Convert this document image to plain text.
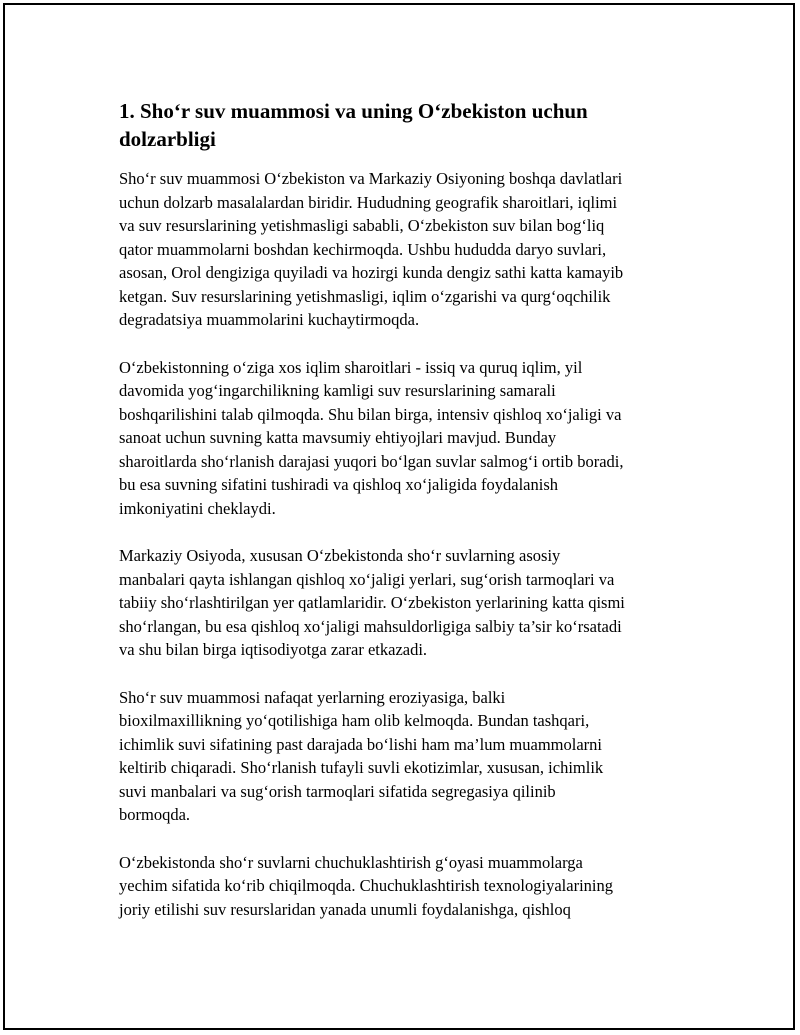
1. Sho‘r suv muammosi va uning O‘zbekiston uchun
dolzarbligi

Sho‘r suv muammosi O‘zbekiston va Markaziy Osiyoning boshqa davlatlari
uchun dolzarb masalalardan biridir. Hududning geografik sharoitlari, iqlimi
va suv resurslarining yetishmasligi sababli, O‘zbekiston suv bilan bog‘liq
qator muammolarni boshdan kechirmoqda. Ushbu hududda daryo suvlari,
asosan, Orol dengiziga quyiladi va hozirgi kunda dengiz sathi katta kamayib
ketgan. Suv resurslarining yetishmasligi, iqlim o‘zgarishi va qurg‘oqchilik
degradatsiya muammolarini kuchaytirmoqda.

O‘zbekistonning o‘ziga xos iqlim sharoitlari - issiq va quruq iqlim, yil
davomida yog‘ingarchilikning kamligi suv resurslarining samarali
boshqarilishini talab qilmoqda. Shu bilan birga, intensiv qishloq xo‘jaligi va
sanoat uchun suvning katta mavsumiy ehtiyojlari mavjud. Bunday
sharoitlarda sho‘rlanish darajasi yuqori bo‘lgan suvlar salmog‘i ortib boradi,
bu esa suvning sifatini tushiradi va qishloq xo‘jaligida foydalanish
imkoniyatini cheklaydi.

Markaziy Osiyoda, xususan O‘zbekistonda sho‘r suvlarning asosiy
manbalari qayta ishlangan qishloq xo‘jaligi yerlari, sug‘orish tarmoqlari va
tabiiy sho‘rlashtirilgan yer qatlamlaridir. O‘zbekiston yerlarining katta qismi
sho‘rlangan, bu esa qishloq xo‘jaligi mahsuldorligiga salbiy ta’sir ko‘rsatadi
va shu bilan birga iqtisodiyotga zarar etkazadi.

Sho‘r suv muammosi nafaqat yerlarning eroziyasiga, balki
bioxilmaxillikning yo‘qotilishiga ham olib kelmoqda. Bundan tashqari,
ichimlik suvi sifatining past darajada bo‘lishi ham ma’lum muammolarni
keltirib chiqaradi. Sho‘rlanish tufayli suvli ekotizimlar, xususan, ichimlik
suvi manbalari va sug‘orish tarmoqlari sifatida segregasiya qilinib
bormoqda.

O‘zbekistonda sho‘r suvlarni chuchuklashtirish g‘oyasi muammolarga
yechim sifatida ko‘rib chiqilmoqda. Chuchuklashtirish texnologiyalarining
joriy etilishi suv resurslaridan yanada unumli foydalanishga, qishloq
